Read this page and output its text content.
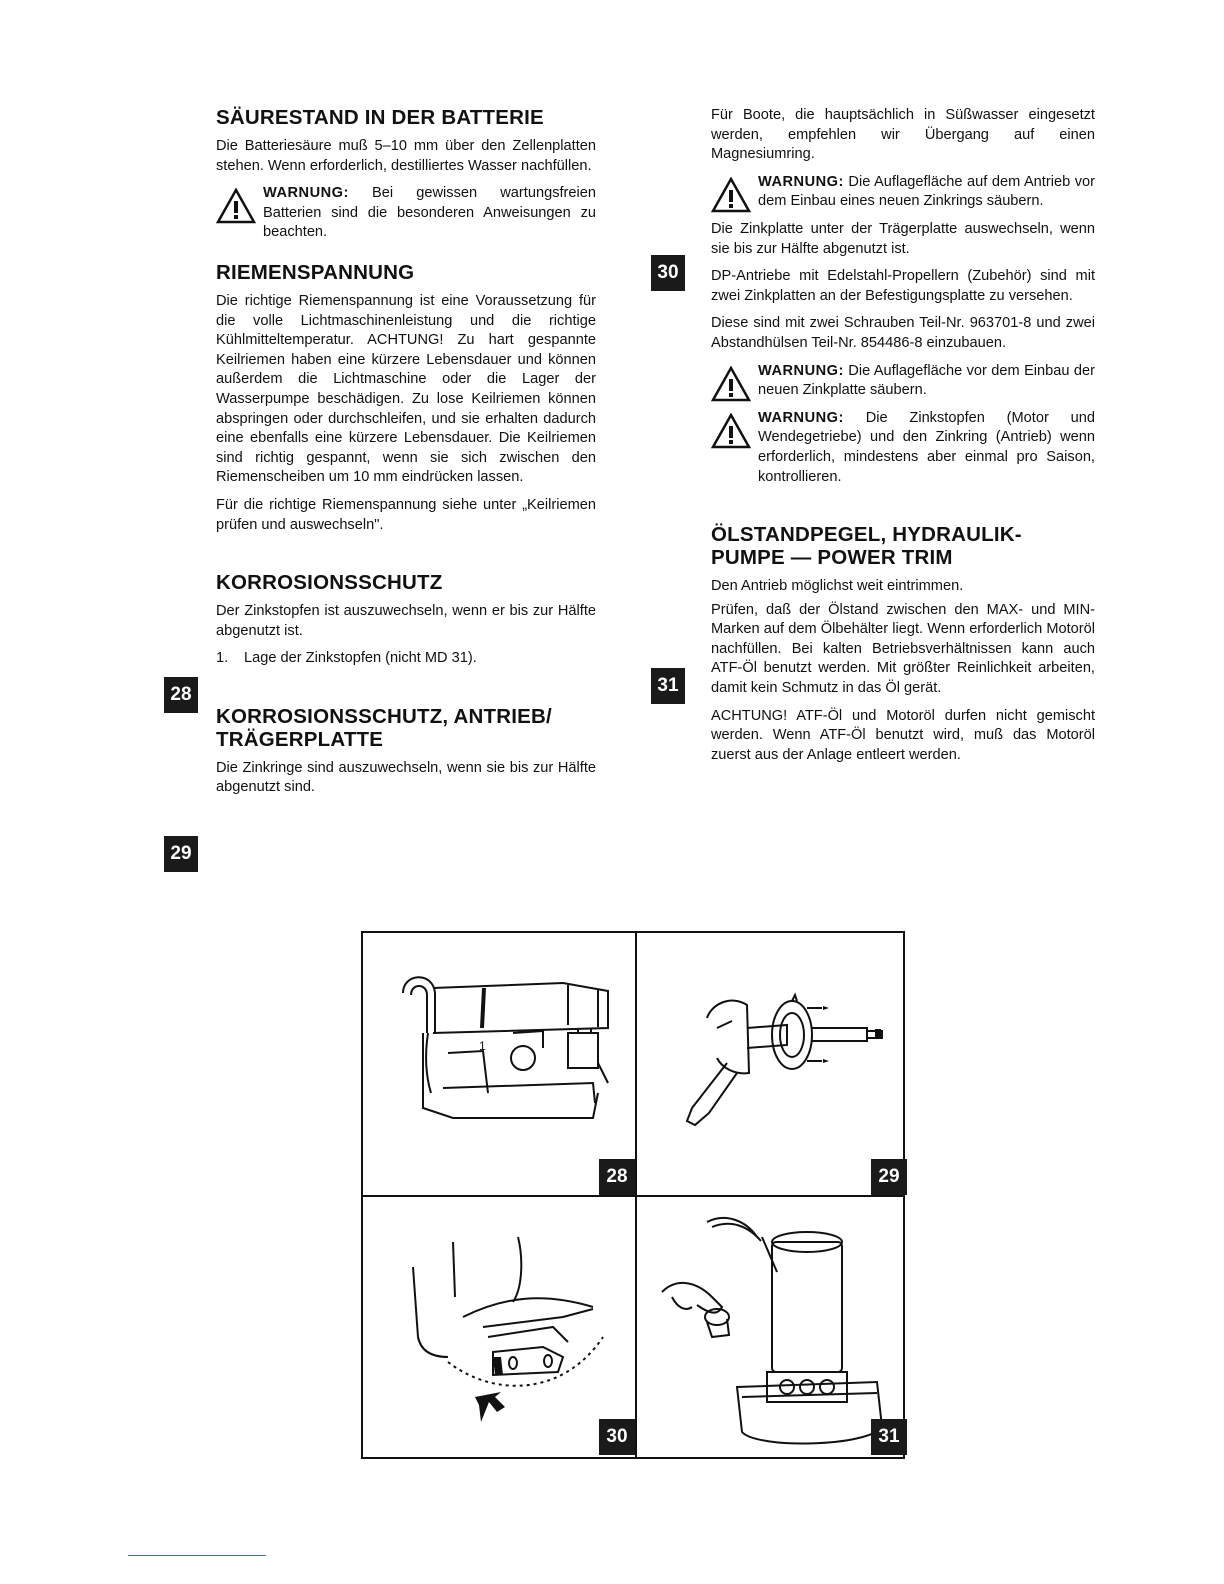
SÄURESTAND IN DER BATTERIE

Die Batteriesäure muß 5–10 mm über den Zellenplatten stehen. Wenn erforderlich, destilliertes Wasser nachfüllen.

WARNUNG: Bei gewissen wartungsfreien Batterien sind die besonderen Anweisungen zu beachten.

RIEMENSPANNUNG

Die richtige Riemenspannung ist eine Voraussetzung für die volle Lichtmaschinenleistung und die richtige Kühlmitteltemperatur. ACHTUNG! Zu hart gespannte Keilriemen haben eine kürzere Lebensdauer und können außerdem die Lichtmaschine oder die Lager der Wasserpumpe beschädigen. Zu lose Keilriemen können abspringen oder durchschleifen, und sie erhalten dadurch eine ebenfalls eine kürzere Lebensdauer. Die Keilriemen sind richtig gespannt, wenn sie sich zwischen den Riemenscheiben um 10 mm eindrücken lassen.

Für die richtige Riemenspannung siehe unter „Keilriemen prüfen und auswechseln".

KORROSIONSSCHUTZ

Der Zinkstopfen ist auszuwechseln, wenn er bis zur Hälfte abgenutzt ist.

1. Lage der Zinkstopfen (nicht MD 31).
KORROSIONSSCHUTZ, ANTRIEB/
TRÄGERPLATTE

Die Zinkringe sind auszuwechseln, wenn sie bis zur Hälfte abgenutzt sind.

28
29

Für Boote, die hauptsächlich in Süßwasser eingesetzt werden, empfehlen wir Übergang auf einen Magnesiumring.

WARNUNG: Die Auflagefläche auf dem Antrieb vor dem Einbau eines neuen Zinkrings säubern.

Die Zinkplatte unter der Trägerplatte auswechseln, wenn sie bis zur Hälfte abgenutzt ist.

DP-Antriebe mit Edelstahl-Propellern (Zubehör) sind mit zwei Zinkplatten an der Befestigungsplatte zu versehen.

Diese sind mit zwei Schrauben Teil-Nr. 963701-8 und zwei Abstandhülsen Teil-Nr. 854486-8 einzubauen.

WARNUNG: Die Auflagefläche vor dem Einbau der neuen Zinkplatte säubern.

WARNUNG: Die Zinkstopfen (Motor und Wendegetriebe) und den Zinkring (Antrieb) wenn erforderlich, mindestens aber einmal pro Saison, kontrollieren.

ÖLSTANDPEGEL, HYDRAULIK-
PUMPE — POWER TRIM

Den Antrieb möglichst weit eintrimmen.

Prüfen, daß der Ölstand zwischen den MAX- und MIN-Marken auf dem Ölbehälter liegt. Wenn erforderlich Motoröl nachfüllen. Bei kalten Betriebsverhältnissen kann auch ATF-Öl benutzt werden. Mit größter Reinlichkeit arbeiten, damit kein Schmutz in das Öl gerät.

ACHTUNG! ATF-Öl und Motoröl durfen nicht gemischt werden. Wenn ATF-Öl benutzt wird, muß das Motoröl zuerst aus der Anlage entleert werden.

30
31
1
28	29
30	31
